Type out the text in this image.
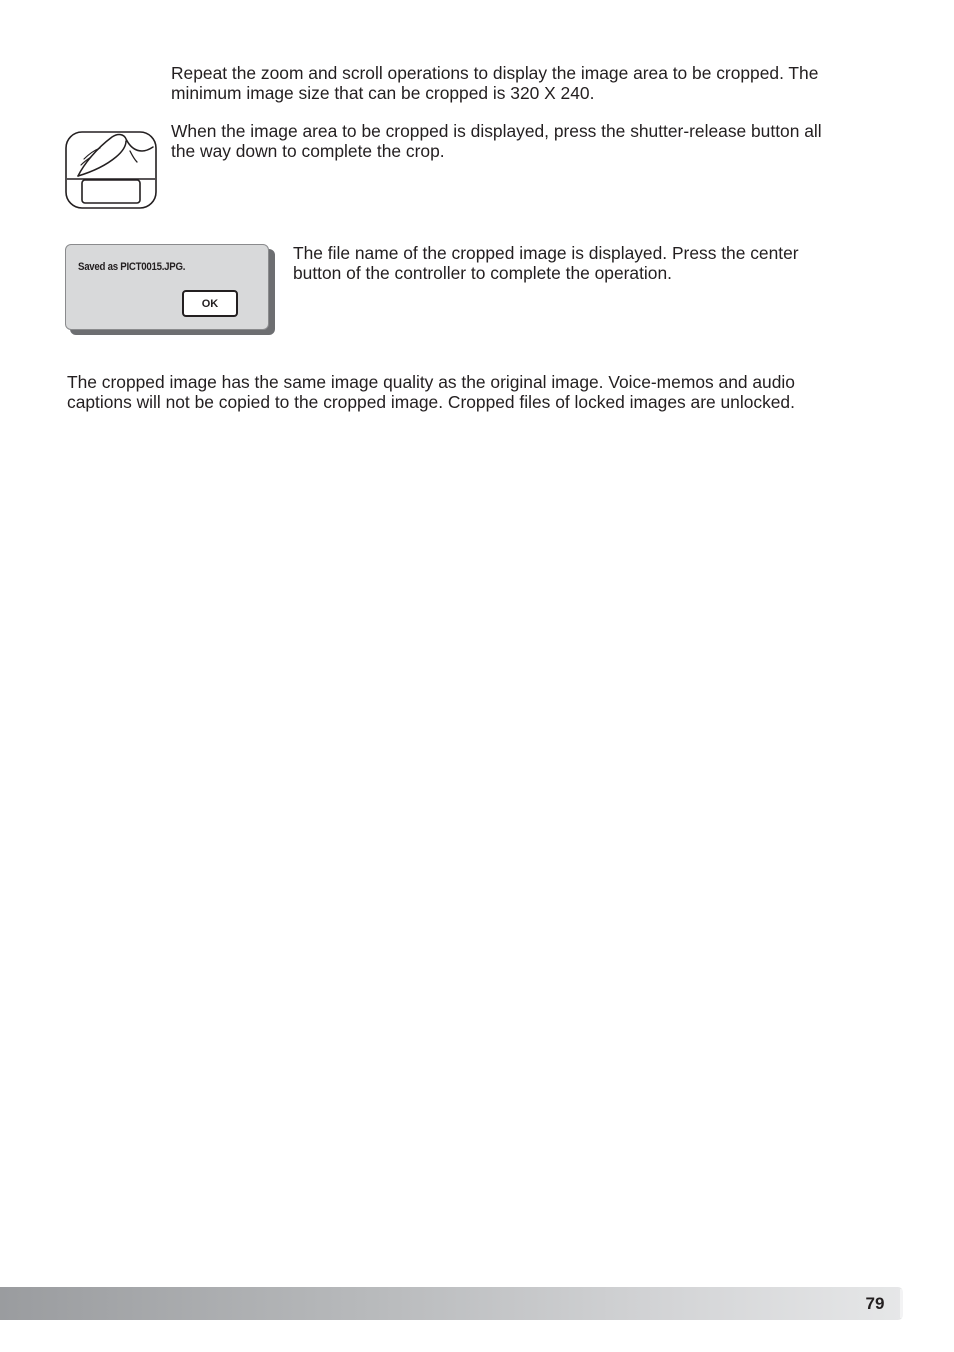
Repeat the zoom and scroll operations to display the image area to be cropped. The
minimum image size that can be cropped is 320 X 240.

When the image area to be cropped is displayed, press the shutter-release button all
the way down to complete the crop.

Saved as PICT0015.JPG.
OK

The file name of the cropped image is displayed. Press the center
button of the controller to complete the operation.

The cropped image has the same image quality as the original image. Voice-memos and audio
captions will not be copied to the cropped image. Cropped files of locked images are unlocked.

79
